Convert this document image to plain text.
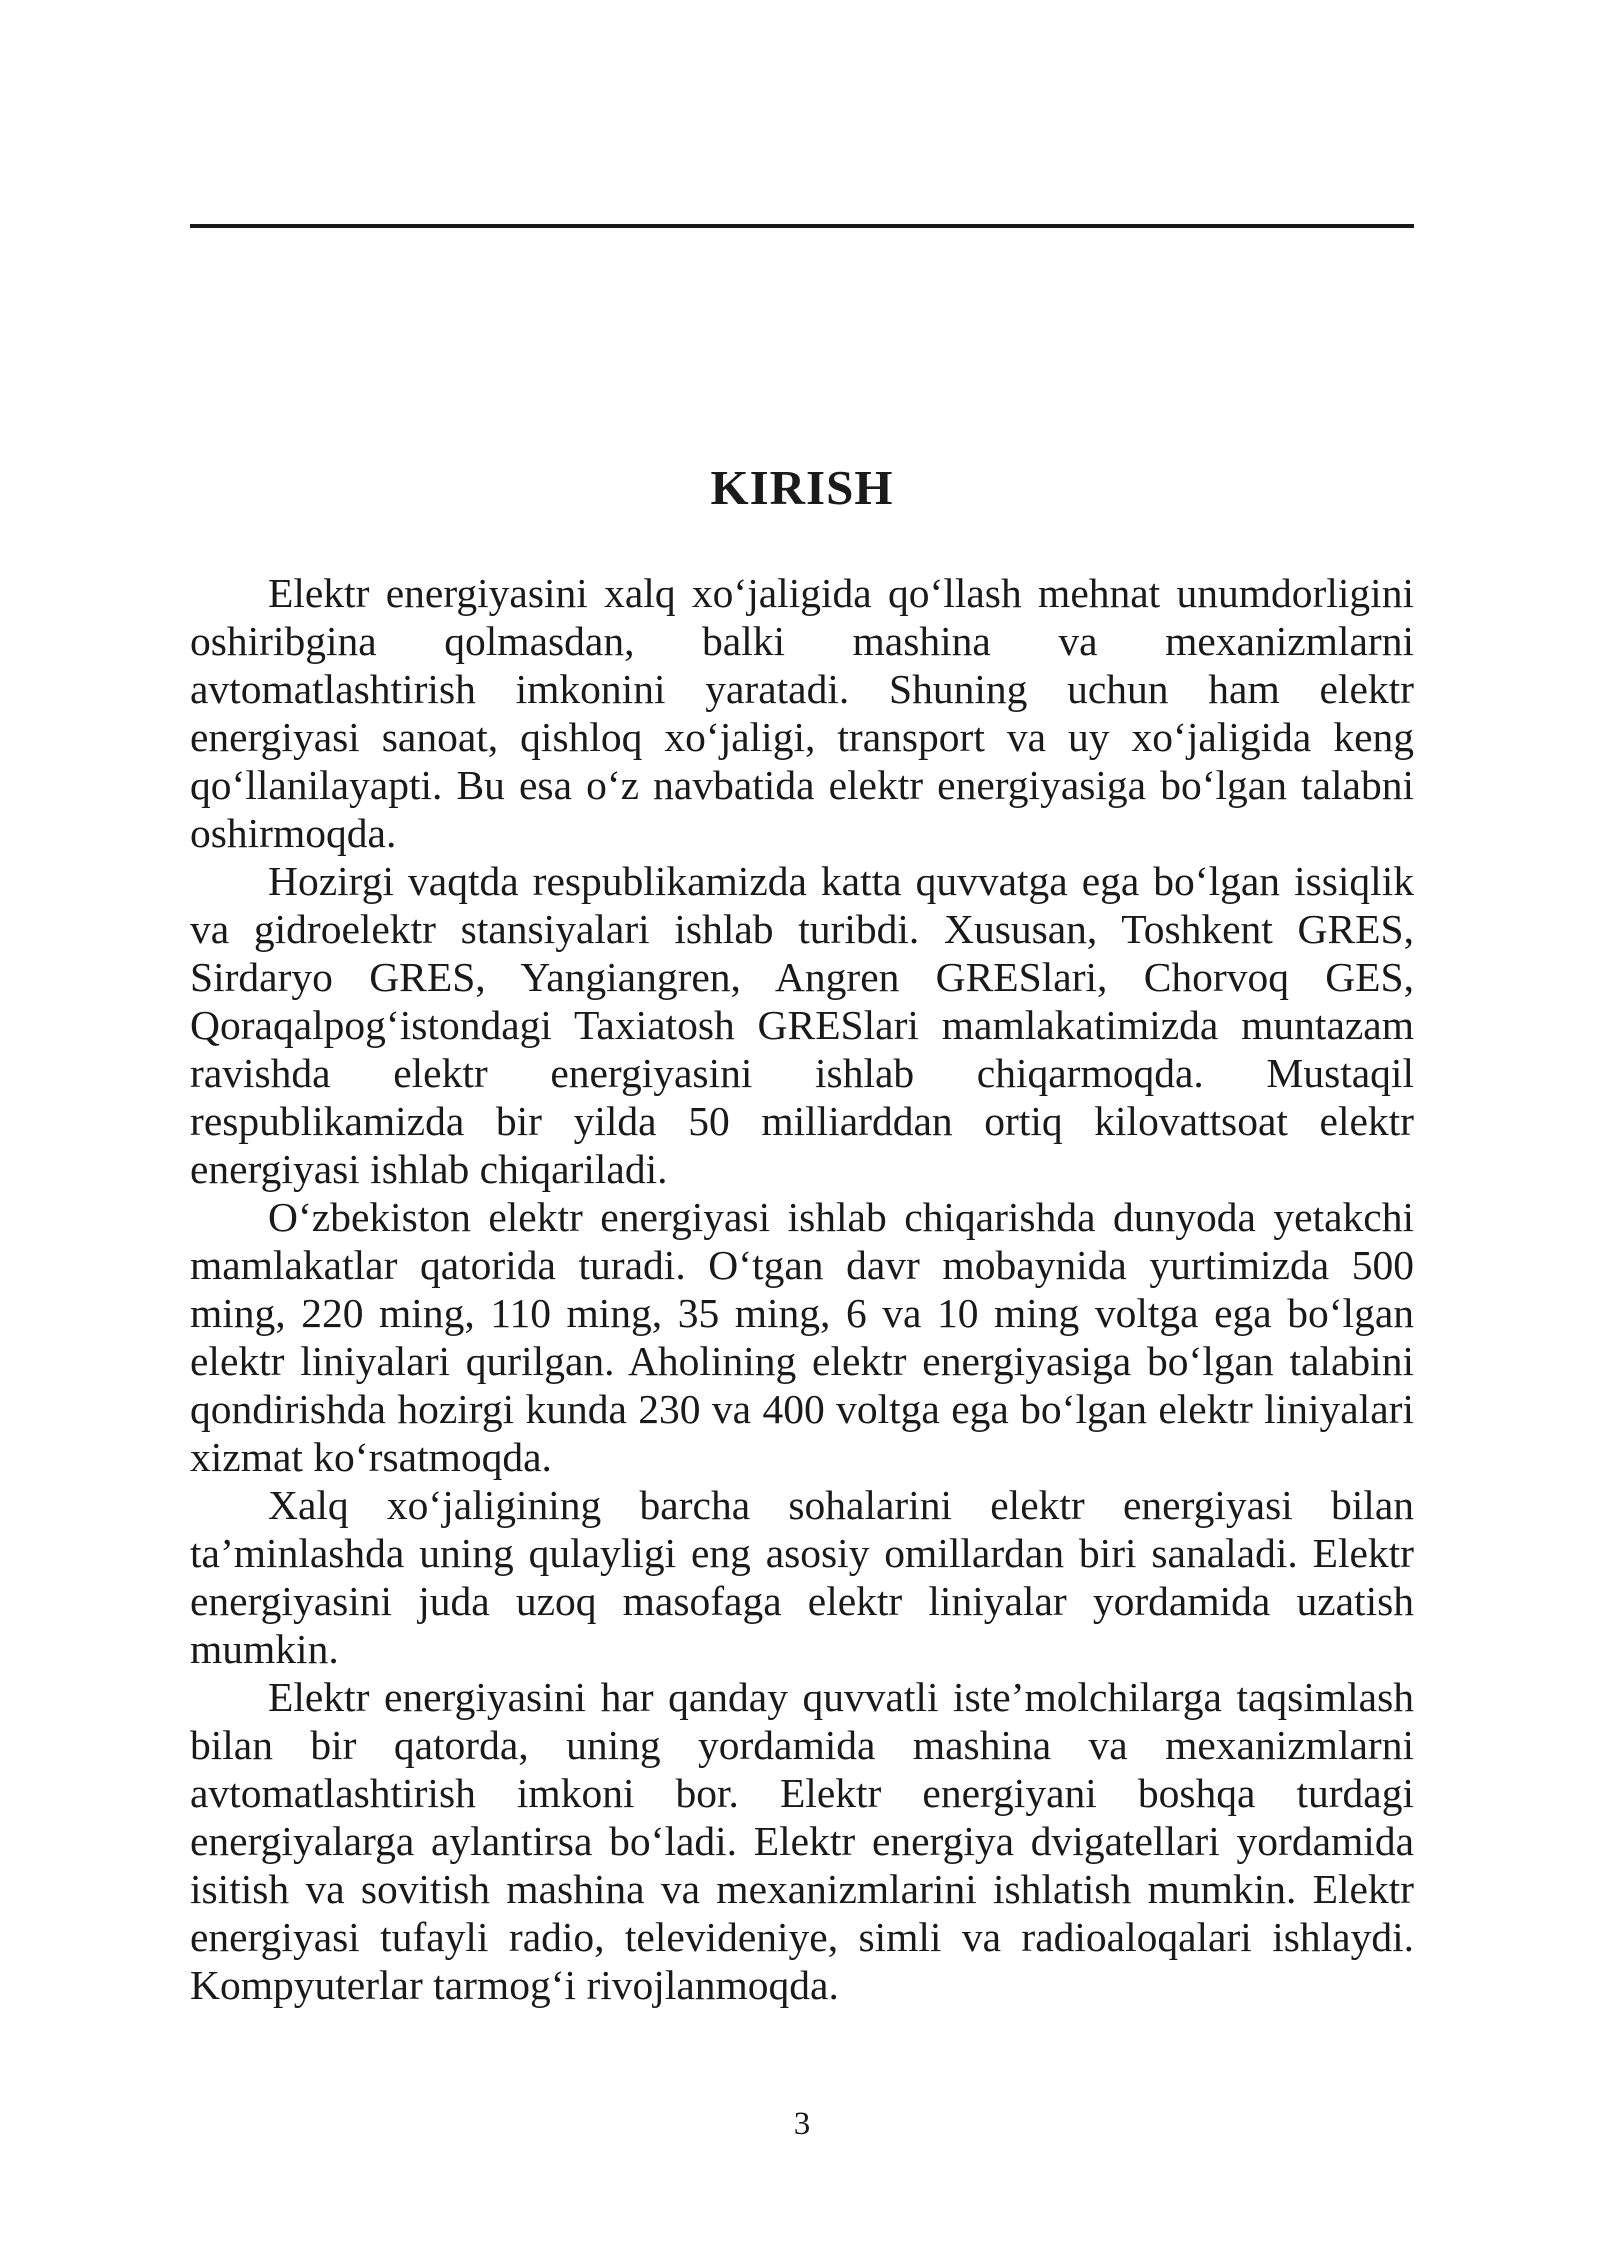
KIRISH

Elektr energiyasini xalq xo‘jaligida qo‘llash mehnat unumdorligini oshiribgina qolmasdan, balki mashina va mexanizmlarni avtomatlashtirish imkonini yaratadi. Shuning uchun ham elektr energiyasi sanoat, qishloq xo‘jaligi, transport va uy xo‘jaligida keng qo‘llanilayapti. Bu esa o‘z navbatida elektr energiyasiga bo‘lgan talabni oshirmoqda.

Hozirgi vaqtda respublikamizda katta quvvatga ega bo‘lgan issiqlik va gidroelektr stansiyalari ishlab turibdi. Xususan, Toshkent GRES, Sirdaryo GRES, Yangiangren, Angren GRESlari, Chorvoq GES, Qoraqalpog‘istondagi Taxiatosh GRESlari mamlakatimizda muntazam ravishda elektr energiyasini ishlab chiqarmoqda. Mustaqil respublikamizda bir yilda 50 milliarddan ortiq kilovattsoat elektr energiyasi ishlab chiqariladi.

O‘zbekiston elektr energiyasi ishlab chiqarishda dunyoda yetakchi mamlakatlar qatorida turadi. O‘tgan davr mobaynida yurtimizda 500 ming, 220 ming, 110 ming, 35 ming, 6 va 10 ming voltga ega bo‘lgan elektr liniyalari qurilgan. Aholining elektr energiyasiga bo‘lgan talabini qondirishda hozirgi kunda 230 va 400 voltga ega bo‘lgan elektr liniyalari xizmat ko‘rsatmoqda.

Xalq xo‘jaligining barcha sohalarini elektr energiyasi bilan ta’minlashda uning qulayligi eng asosiy omillardan biri sanaladi. Elektr energiyasini juda uzoq masofaga elektr liniyalar yordamida uzatish mumkin.

Elektr energiyasini har qanday quvvatli iste’molchilarga taqsimlash bilan bir qatorda, uning yordamida mashina va mexanizmlarni avtomatlashtirish imkoni bor. Elektr energiyani boshqa turdagi energiyalarga aylantirsa bo‘ladi. Elektr energiya dvigatellari yordamida isitish va sovitish mashina va mexanizmlarini ishlatish mumkin. Elektr energiyasi tufayli radio, televideniye, simli va radioaloqalari ishlaydi. Kompyuterlar tarmog‘i rivojlanmoqda.

3
